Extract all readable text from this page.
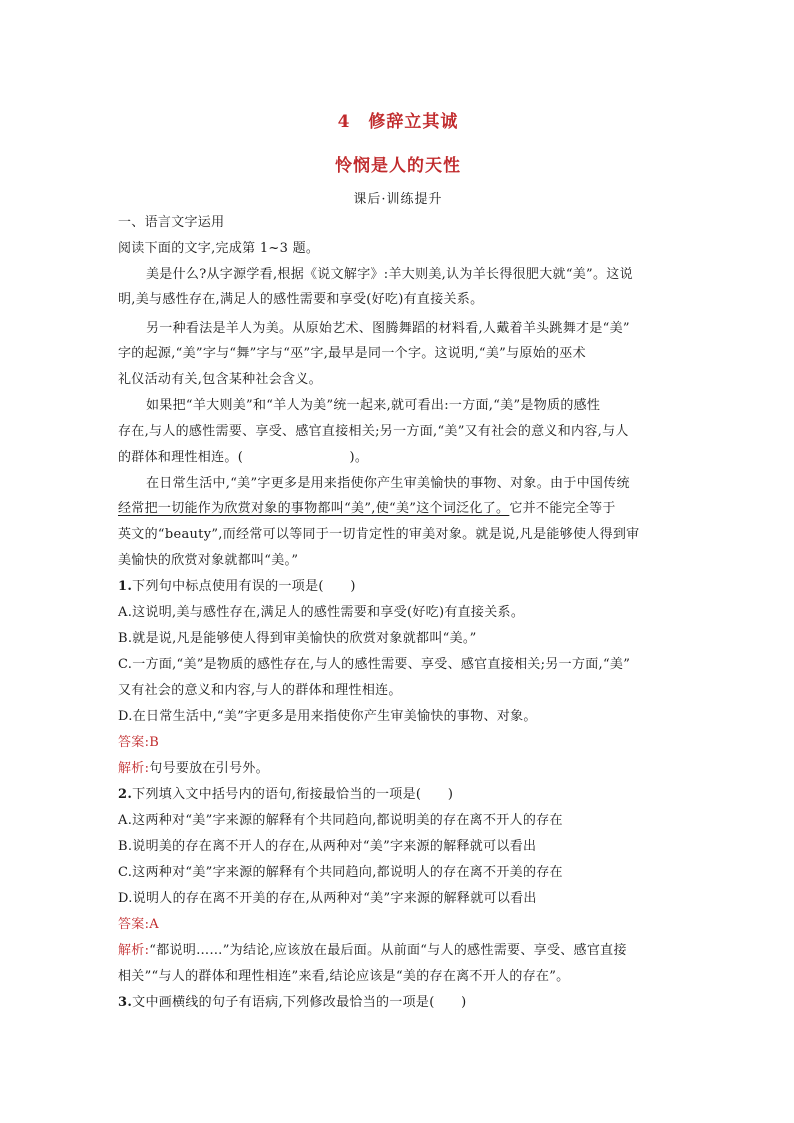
4　修辞立其诚
怜悯是人的天性
课后·训练提升
一、语言文字运用
阅读下面的文字,完成第 1~3 题。
美是什么?从字源学看,根据《说文解字》:羊大则美,认为羊长得很肥大就“美”。这说
明,美与感性存在,满足人的感性需要和享受(好吃)有直接关系。
另一种看法是羊人为美。从原始艺术、图腾舞蹈的材料看,人戴着羊头跳舞才是“美”
字的起源,“美”字与“舞”字与“巫”字,最早是同一个字。这说明,“美”与原始的巫术
礼仪活动有关,包含某种社会含义。
如果把“羊大则美”和“羊人为美”统一起来,就可看出:一方面,“美”是物质的感性
存在,与人的感性需要、享受、感官直接相关;另一方面,“美”又有社会的意义和内容,与人
的群体和理性相连。(　　　　　　　　)。
在日常生活中,“美”字更多是用来指使你产生审美愉快的事物、对象。由于中国传统
经常把一切能作为欣赏对象的事物都叫“美”,使“美”这个词泛化了。它并不能完全等于
英文的“beauty”,而经常可以等同于一切肯定性的审美对象。就是说,凡是能够使人得到审
美愉快的欣赏对象就都叫“美。”
1.下列句中标点使用有误的一项是(　　)
A.这说明,美与感性存在,满足人的感性需要和享受(好吃)有直接关系。
B.就是说,凡是能够使人得到审美愉快的欣赏对象就都叫“美。”
C.一方面,“美”是物质的感性存在,与人的感性需要、享受、感官直接相关;另一方面,“美”
又有社会的意义和内容,与人的群体和理性相连。
D.在日常生活中,“美”字更多是用来指使你产生审美愉快的事物、对象。
答案:B
解析:句号要放在引号外。
2.下列填入文中括号内的语句,衔接最恰当的一项是(　　)
A.这两种对“美”字来源的解释有个共同趋向,都说明美的存在离不开人的存在
B.说明美的存在离不开人的存在,从两种对“美”字来源的解释就可以看出
C.这两种对“美”字来源的解释有个共同趋向,都说明人的存在离不开美的存在
D.说明人的存在离不开美的存在,从两种对“美”字来源的解释就可以看出
答案:A
解析:“都说明……”为结论,应该放在最后面。从前面“与人的感性需要、享受、感官直接
相关”“与人的群体和理性相连”来看,结论应该是“美的存在离不开人的存在”。
3.文中画横线的句子有语病,下列修改最恰当的一项是(　　)
